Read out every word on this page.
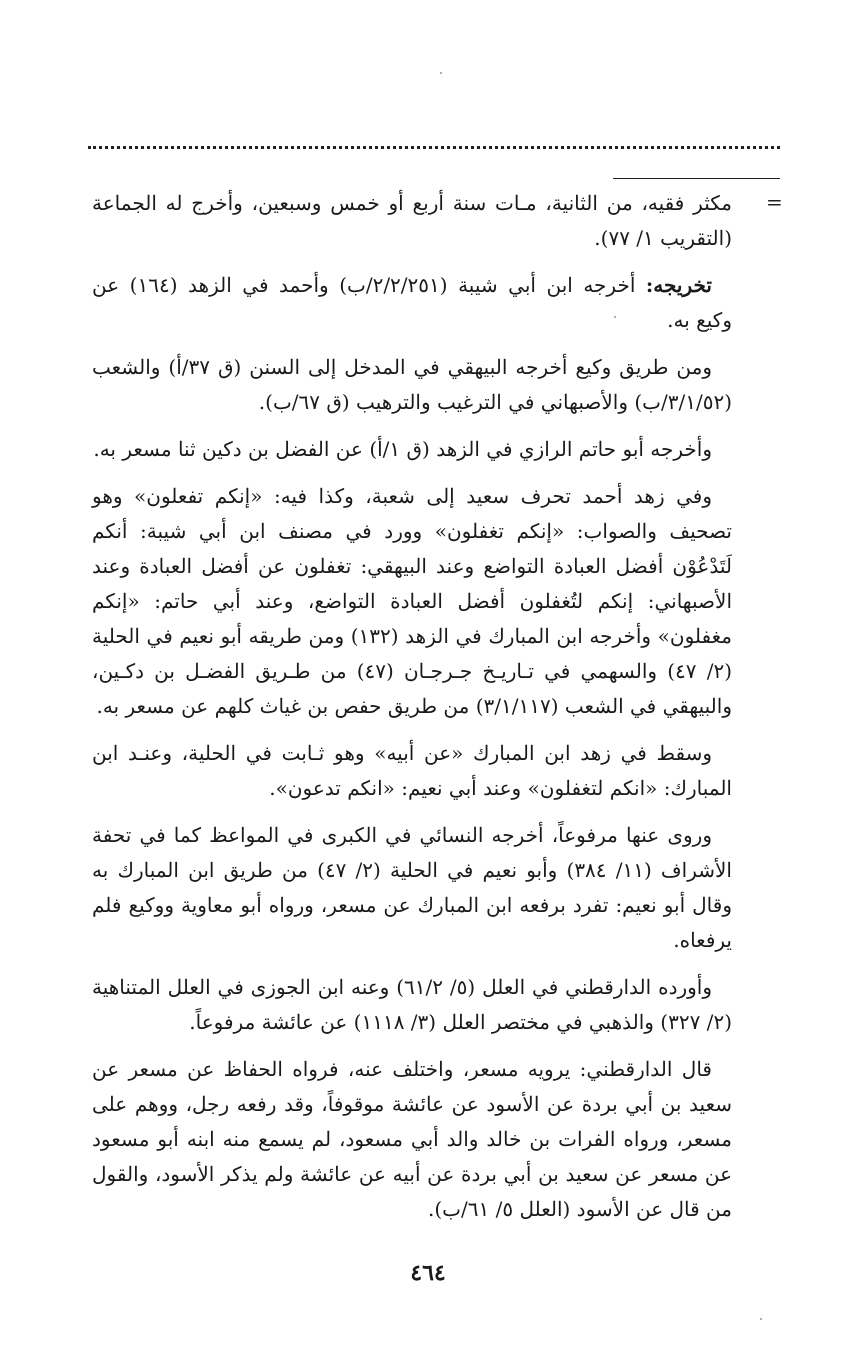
=

مكثر فقيه، من الثانية، مـات سنة أربع أو خمس وسبعين، وأخرج له الجماعة (التقريب ١/ ٧٧).

تخريجه: أخرجه ابن أبي شيبة (٢/٢/٢٥١/ب) وأحمد في الزهد (١٦٤) عن وكيع به.

ومن طريق وكيع أخرجه البيهقي في المدخل إلى السنن (ق ٣٧/أ) والشعب (٣/١/٥٢/ب) والأصبهاني في الترغيب والترهيب (ق ٦٧/ب).

وأخرجه أبو حاتم الرازي في الزهد (ق ١/أ) عن الفضل بن دكين ثنا مسعر به.

وفي زهد أحمد تحرف سعيد إلى شعبة، وكذا فيه: «إنكم تفعلون» وهو تصحيف والصواب: «إنكم تغفلون» وورد في مصنف ابن أبي شيبة: أنكم لَتَدْعُوْن أفضل العبادة التواضع وعند البيهقي: تغفلون عن أفضل العبادة وعند الأصبهاني: إنكم لتُغفلون أفضل العبادة التواضع، وعند أبي حاتم: «إنكم مغفلون» وأخرجه ابن المبارك في الزهد (١٣٢) ومن طريقه أبو نعيم في الحلية (٢/ ٤٧) والسهمي في تـاريـخ جـرجـان (٤٧) من طـريق الفضـل بن دكـين، والبيهقي في الشعب (٣/١/١١٧) من طريق حفص بن غياث كلهم عن مسعر به.

وسقط في زهد ابن المبارك «عن أبيه» وهو ثـابت في الحلية، وعنـد ابن المبارك: «انكم لتغفلون» وعند أبي نعيم: «انكم تدعون».

وروى عنها مرفوعاً، أخرجه النسائي في الكبرى في المواعظ كما في تحفة الأشراف (١١/ ٣٨٤) وأبو نعيم في الحلية (٢/ ٤٧) من طريق ابن المبارك به وقال أبو نعيم: تفرد برفعه ابن المبارك عن مسعر، ورواه أبو معاوية ووكيع فلم يرفعاه.

وأورده الدارقطني في العلل (٥/ ٦١/٢) وعنه ابن الجوزى في العلل المتناهية (٢/ ٣٢٧) والذهبي في مختصر العلل (٣/ ١١١٨) عن عائشة مرفوعاً.

قال الدارقطني: يرويه مسعر، واختلف عنه، فرواه الحفاظ عن مسعر عن سعيد بن أبي بردة عن الأسود عن عائشة موقوفاً، وقد رفعه رجل، ووهم على مسعر، ورواه الفرات بن خالد والد أبي مسعود، لم يسمع منه ابنه أبو مسعود عن مسعر عن سعيد بن أبي بردة عن أبيه عن عائشة ولم يذكر الأسود، والقول من قال عن الأسود (العلل ٥/ ٦١/ب).

٤٦٤
